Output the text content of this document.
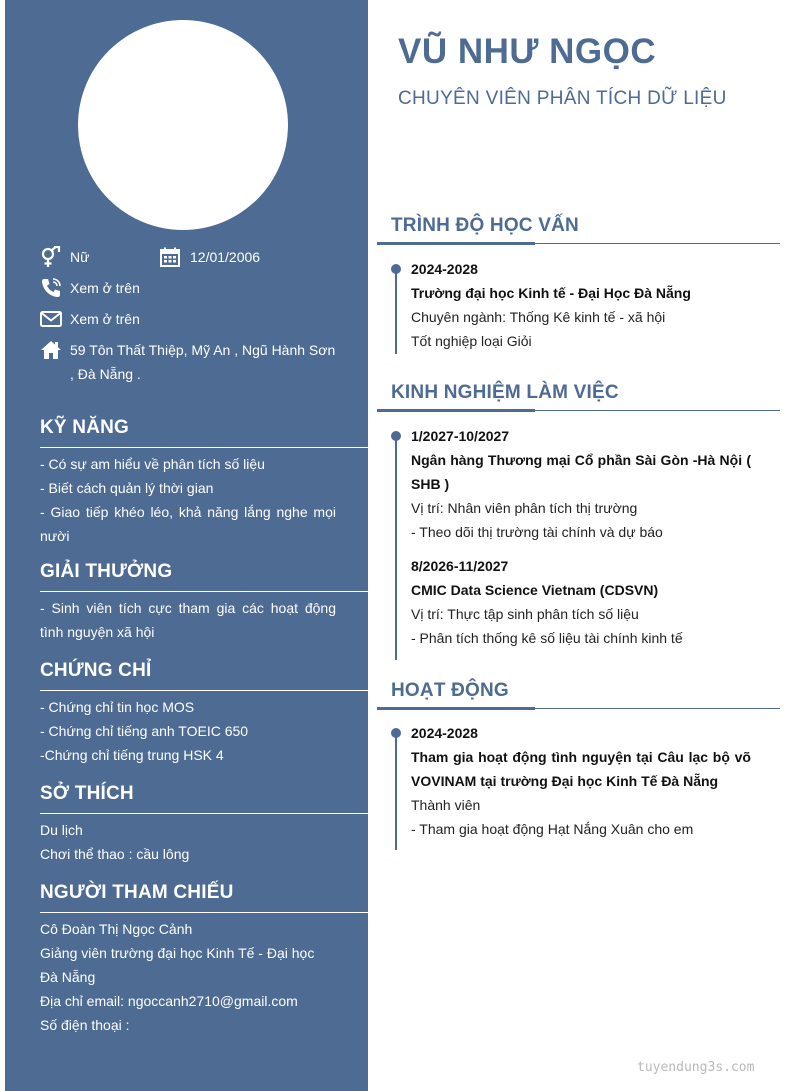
Nữ	12/01/2006
Xem ở trên
Xem ở trên
59 Tôn Thất Thiệp, Mỹ An , Ngũ Hành Sơn , Đà Nẵng .
KỸ NĂNG
- Có sự am hiểu về phân tích số liệu
- Biết cách quản lý thời gian
- Giao tiếp khéo léo, khả năng lắng nghe mọi nười
GIẢI THƯỞNG
- Sinh viên tích cực tham gia các hoạt động tình nguyện xã hội
CHỨNG CHỈ
- Chứng chỉ tin học MOS
- Chứng chỉ tiếng anh TOEIC 650
-Chứng chỉ tiếng trung HSK 4
SỞ THÍCH
Du lịch
Chơi thể thao : cầu lông
NGƯỜI THAM CHIẾU
Cô Đoàn Thị Ngọc Cảnh
Giảng viên trường đại học Kinh Tế - Đại học Đà Nẵng
Địa chỉ email: ngoccanh2710@gmail.com
Số điện thoại :
VŨ NHƯ NGỌC
CHUYÊN VIÊN PHÂN TÍCH DỮ LIỆU
TRÌNH ĐỘ HỌC VẤN
2024-2028
Trường đại học Kinh tế - Đại Học Đà Nẵng
Chuyên ngành: Thống Kê kinh tế - xã hội
Tốt nghiệp loại Giỏi
KINH NGHIỆM LÀM VIỆC
1/2027-10/2027
Ngân hàng Thương mại Cổ phần Sài Gòn -Hà Nội ( SHB )
Vị trí: Nhân viên phân tích thị trường
- Theo dõi thị trường tài chính và dự báo
8/2026-11/2027
CMIC Data Science Vietnam (CDSVN)
Vị trí: Thực tập sinh phân tích số liệu
- Phân tích thống kê số liệu tài chính kinh tế
HOẠT ĐỘNG
2024-2028
Tham gia hoạt động tình nguyện tại Câu lạc bộ võ VOVINAM tại trường Đại học Kinh Tế Đà Nẵng
Thành viên
- Tham gia hoạt động Hạt Nắng Xuân cho em
tuyendung3s.com
